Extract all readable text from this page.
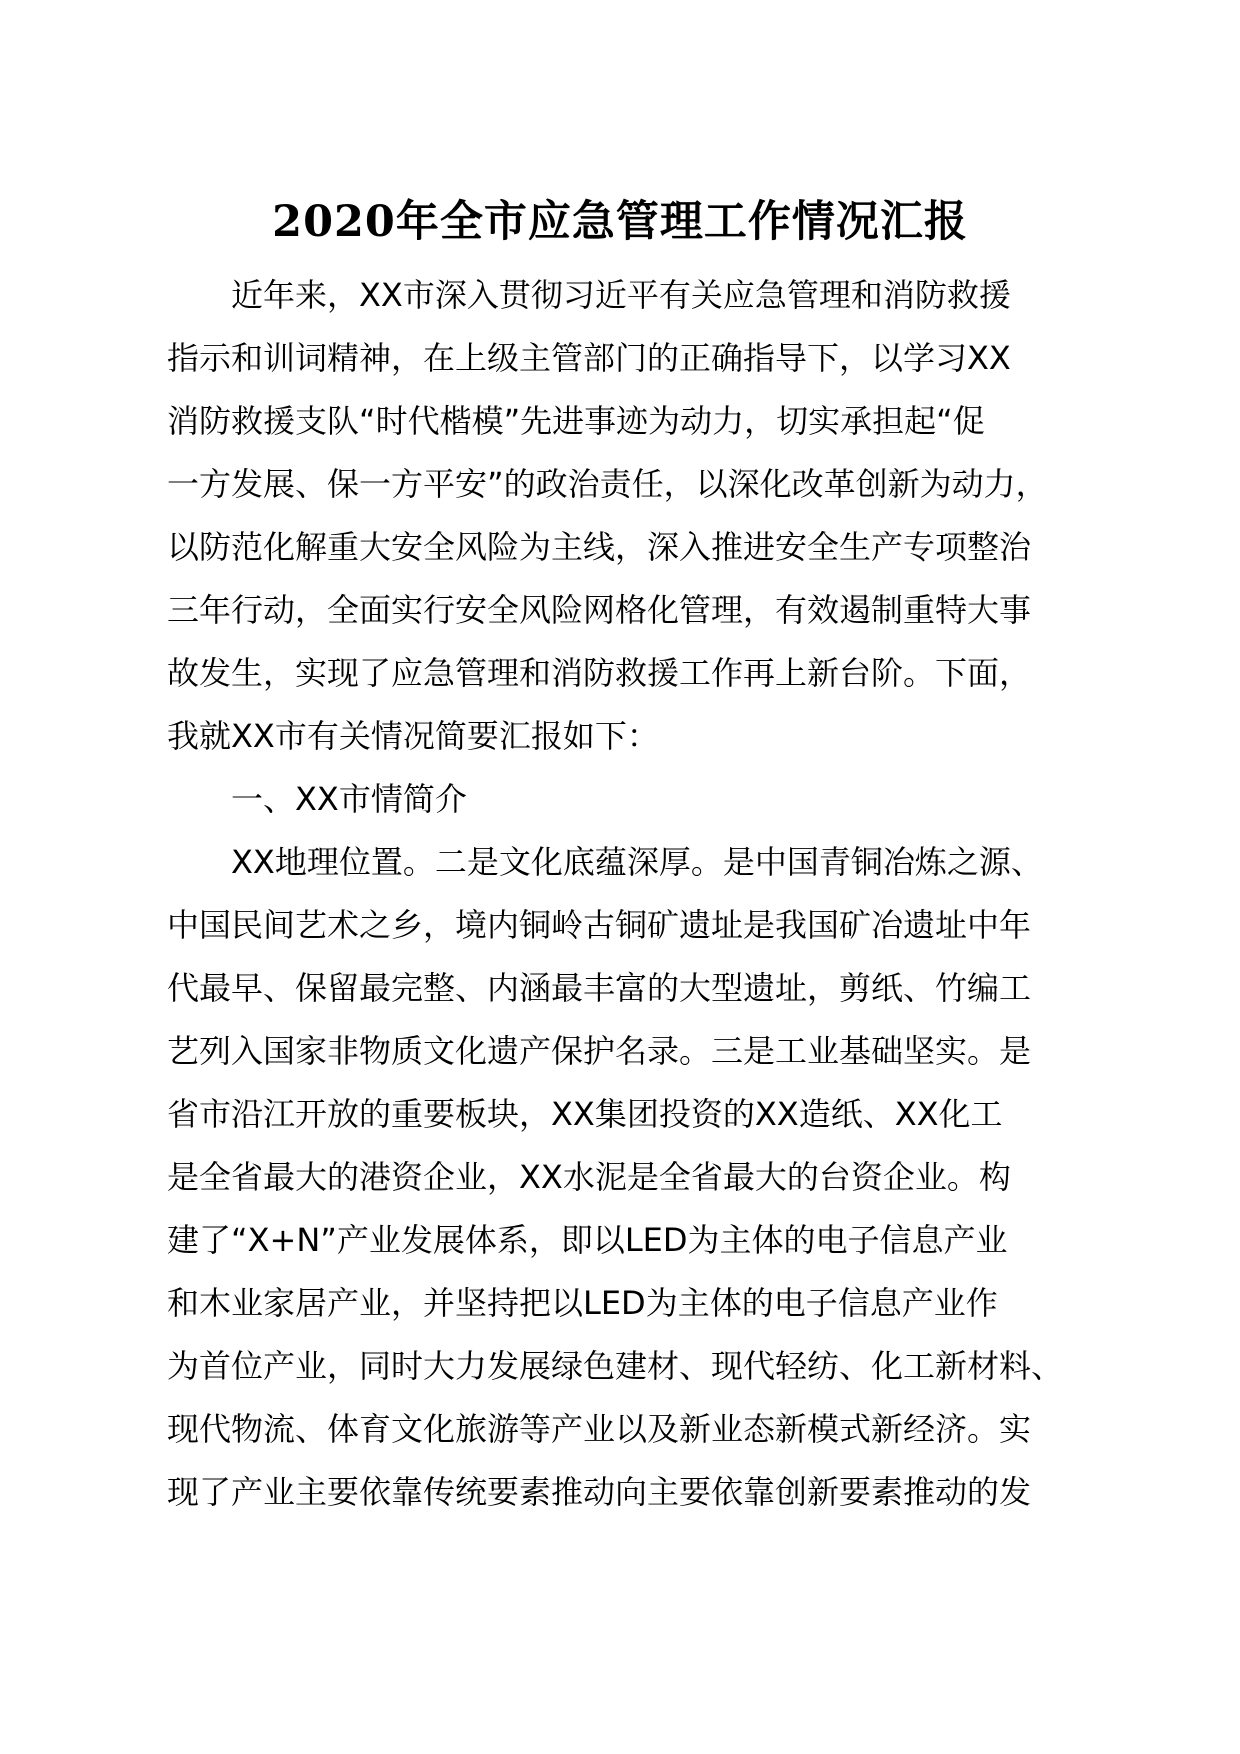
2020年全市应急管理工作情况汇报

近年来，XX市深入贯彻习近平有关应急管理和消防救援

指示和训词精神，在上级主管部门的正确指导下，以学习XX

消防救援支队“时代楷模”先进事迹为动力，切实承担起“促

一方发展、保一方平安”的政治责任，以深化改革创新为动力，

以防范化解重大安全风险为主线，深入推进安全生产专项整治

三年行动，全面实行安全风险网格化管理，有效遏制重特大事

故发生，实现了应急管理和消防救援工作再上新台阶。下面，

我就XX市有关情况简要汇报如下：

一、XX市情简介

XX地理位置。二是文化底蕴深厚。是中国青铜冶炼之源、

中国民间艺术之乡，境内铜岭古铜矿遗址是我国矿冶遗址中年

代最早、保留最完整、内涵最丰富的大型遗址，剪纸、竹编工

艺列入国家非物质文化遗产保护名录。三是工业基础坚实。是

省市沿江开放的重要板块，XX集团投资的XX造纸、XX化工

是全省最大的港资企业，XX水泥是全省最大的台资企业。构

建了“X+N”产业发展体系，即以LED为主体的电子信息产业

和木业家居产业，并坚持把以LED为主体的电子信息产业作

为首位产业，同时大力发展绿色建材、现代轻纺、化工新材料、

现代物流、体育文化旅游等产业以及新业态新模式新经济。实

现了产业主要依靠传统要素推动向主要依靠创新要素推动的发
